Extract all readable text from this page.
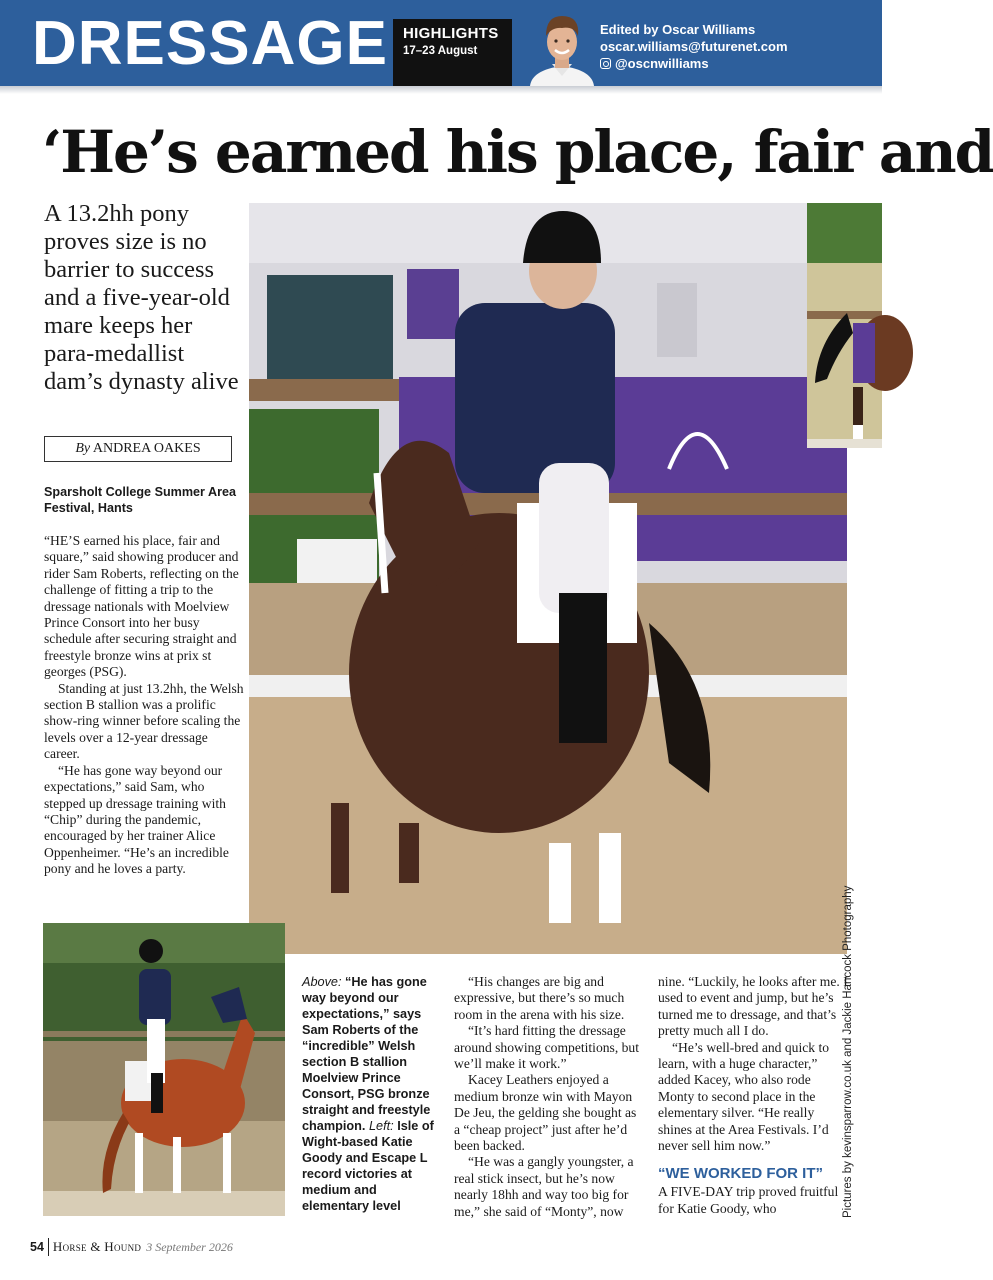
DRESSAGE HIGHLIGHTS
17–23 August
Edited by Oscar Williams
oscar.williams@futurenet.com
@oscnwilliams
‘He’s earned his place, fair and
A 13.2hh pony proves size is no barrier to success and a five-year-old mare keeps her para-medallist dam’s dynasty alive
By ANDREA OAKES
Sparsholt College Summer Area Festival, Hants

“HE’S earned his place, fair and square,” said showing producer and rider Sam Roberts, reflecting on the challenge of fitting a trip to the dressage nationals with Moelview Prince Consort into her busy schedule after securing straight and freestyle bronze wins at prix st georges (PSG).

Standing at just 13.2hh, the Welsh section B stallion was a prolific show-ring winner before scaling the levels over a 12-year dressage career.

“He has gone way beyond our expectations,” said Sam, who stepped up dressage training with “Chip” during the pandemic, encouraged by her trainer Alice Oppenheimer. “He’s an incredible pony and he loves a party.

Above: “He has gone way beyond our expectations,” says Sam Roberts of the “incredible” Welsh section B stallion Moelview Prince Consort, PSG bronze straight and freestyle champion. Left: Isle of Wight-based Katie Goody and Escape L record victories at medium and elementary level

“His changes are big and expressive, but there’s so much room in the arena with his size.

“It’s hard fitting the dressage around showing competitions, but we’ll make it work.”

Kacey Leathers enjoyed a medium bronze win with Mayon De Jeu, the gelding she bought as a “cheap project” just after he’d been backed.

“He was a gangly youngster, a real stick insect, but he’s now nearly 18hh and way too big for me,” she said of “Monty”, now

nine. “Luckily, he looks after me. I used to event and jump, but he’s turned me to dressage, and that’s pretty much all I do.

“He’s well-bred and quick to learn, with a huge character,” added Kacey, who also rode Monty to second place in the elementary silver. “He really shines at the Area Festivals. I’d never sell him now.”

“WE WORKED FOR IT”

A FIVE-DAY trip proved fruitful for Katie Goody, who	Pictures by kevinsparrow.co.uk and Jackie Hancock Photography
54 Horse & Hound 3 September 2026
